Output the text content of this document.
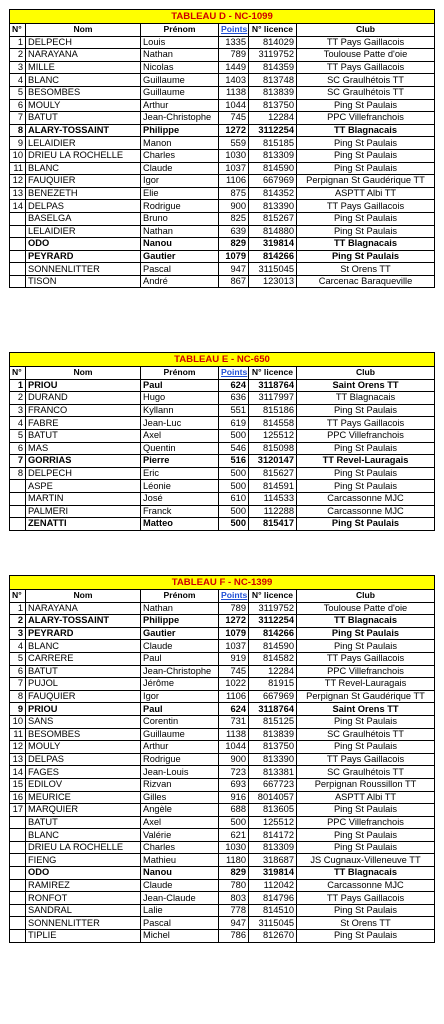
TABLEAU D - NC-1099					
N°	Nom	Prénom	Points	N° licence	Club
1	DELPECH	Louis	1335	814029	TT Pays Gaillacois
2	NARAYANA	Nathan	789	3119752	Toulouse Patte d'oie
3	MILLE	Nicolas	1449	814359	TT Pays Gaillacois
4	BLANC	Guillaume	1403	813748	SC Graulhétois TT
5	BESOMBES	Guillaume	1138	813839	SC Graulhétois TT
6	MOULY	Arthur	1044	813750	Ping St Paulais
7	BATUT	Jean-Christophe	745	12284	PPC Villefranchois
8	ALARY-TOSSAINT	Philippe	1272	3112254	TT Blagnacais
9	LELAIDIER	Manon	559	815185	Ping St Paulais
10	DRIEU LA ROCHELLE	Charles	1030	813309	Ping St Paulais
11	BLANC	Claude	1037	814590	Ping St Paulais
12	FAUQUIER	Igor	1106	667969	Perpignan St Gaudérique TT
13	BENEZETH	Elie	875	814352	ASPTT Albi TT
14	DELPAS	Rodrigue	900	813390	TT Pays Gaillacois
	BASELGA	Bruno	825	815267	Ping St Paulais
	LELAIDIER	Nathan	639	814880	Ping St Paulais
	ODO	Nanou	829	319814	TT Blagnacais
	PEYRARD	Gautier	1079	814266	Ping St Paulais
	SONNENLITTER	Pascal	947	3115045	St Orens TT
	TISON	André	867	123013	Carcenac Baraqueville
TABLEAU E - NC-650					
N°	Nom	Prénom	Points	N° licence	Club
1	PRIOU	Paul	624	3118764	Saint Orens TT
2	DURAND	Hugo	636	3117997	TT Blagnacais
3	FRANCO	Kyllann	551	815186	Ping St Paulais
4	FABRE	Jean-Luc	619	814558	TT Pays Gaillacois
5	BATUT	Axel	500	125512	PPC Villefranchois
6	MAS	Quentin	546	815098	Ping St Paulais
7	GORRIAS	Pierre	516	3120147	TT Revel-Lauragais
8	DELPECH	Eric	500	815627	Ping St Paulais
	ASPE	Léonie	500	814591	Ping St Paulais
	MARTIN	José	610	114533	Carcassonne MJC
	PALMERI	Franck	500	112288	Carcassonne MJC
	ZENATTI	Matteo	500	815417	Ping St Paulais
TABLEAU F - NC-1399					
N°	Nom	Prénom	Points	N° licence	Club
1	NARAYANA	Nathan	789	3119752	Toulouse Patte d'oie
2	ALARY-TOSSAINT	Philippe	1272	3112254	TT Blagnacais
3	PEYRARD	Gautier	1079	814266	Ping St Paulais
4	BLANC	Claude	1037	814590	Ping St Paulais
5	CARRERE	Paul	919	814582	TT Pays Gaillacois
6	BATUT	Jean-Christophe	745	12284	PPC Villefranchois
7	PUJOL	Jérôme	1022	81915	TT Revel-Lauragais
8	FAUQUIER	Igor	1106	667969	Perpignan St Gaudérique TT
9	PRIOU	Paul	624	3118764	Saint Orens TT
10	SANS	Corentin	731	815125	Ping St Paulais
11	BESOMBES	Guillaume	1138	813839	SC Graulhétois TT
12	MOULY	Arthur	1044	813750	Ping St Paulais
13	DELPAS	Rodrigue	900	813390	TT Pays Gaillacois
14	FAGES	Jean-Louis	723	813381	SC Graulhétois TT
15	EDILOV	Rizvan	693	667723	Perpignan Roussillon TT
16	MEURICE	Gilles	916	8014057	ASPTT Albi TT
17	MARQUIER	Angèle	688	813605	Ping St Paulais
	BATUT	Axel	500	125512	PPC Villefranchois
	BLANC	Valérie	621	814172	Ping St Paulais
	DRIEU LA ROCHELLE	Charles	1030	813309	Ping St Paulais
	FIENG	Mathieu	1180	318687	JS Cugnaux-Villeneuve TT
	ODO	Nanou	829	319814	TT Blagnacais
	RAMIREZ	Claude	780	112042	Carcassonne MJC
	RONFOT	Jean-Claude	803	814796	TT Pays Gaillacois
	SANDRAL	Lalie	778	814510	Ping St Paulais
	SONNENLITTER	Pascal	947	3115045	St Orens TT
	TIPLIE	Michel	786	812670	Ping St Paulais
